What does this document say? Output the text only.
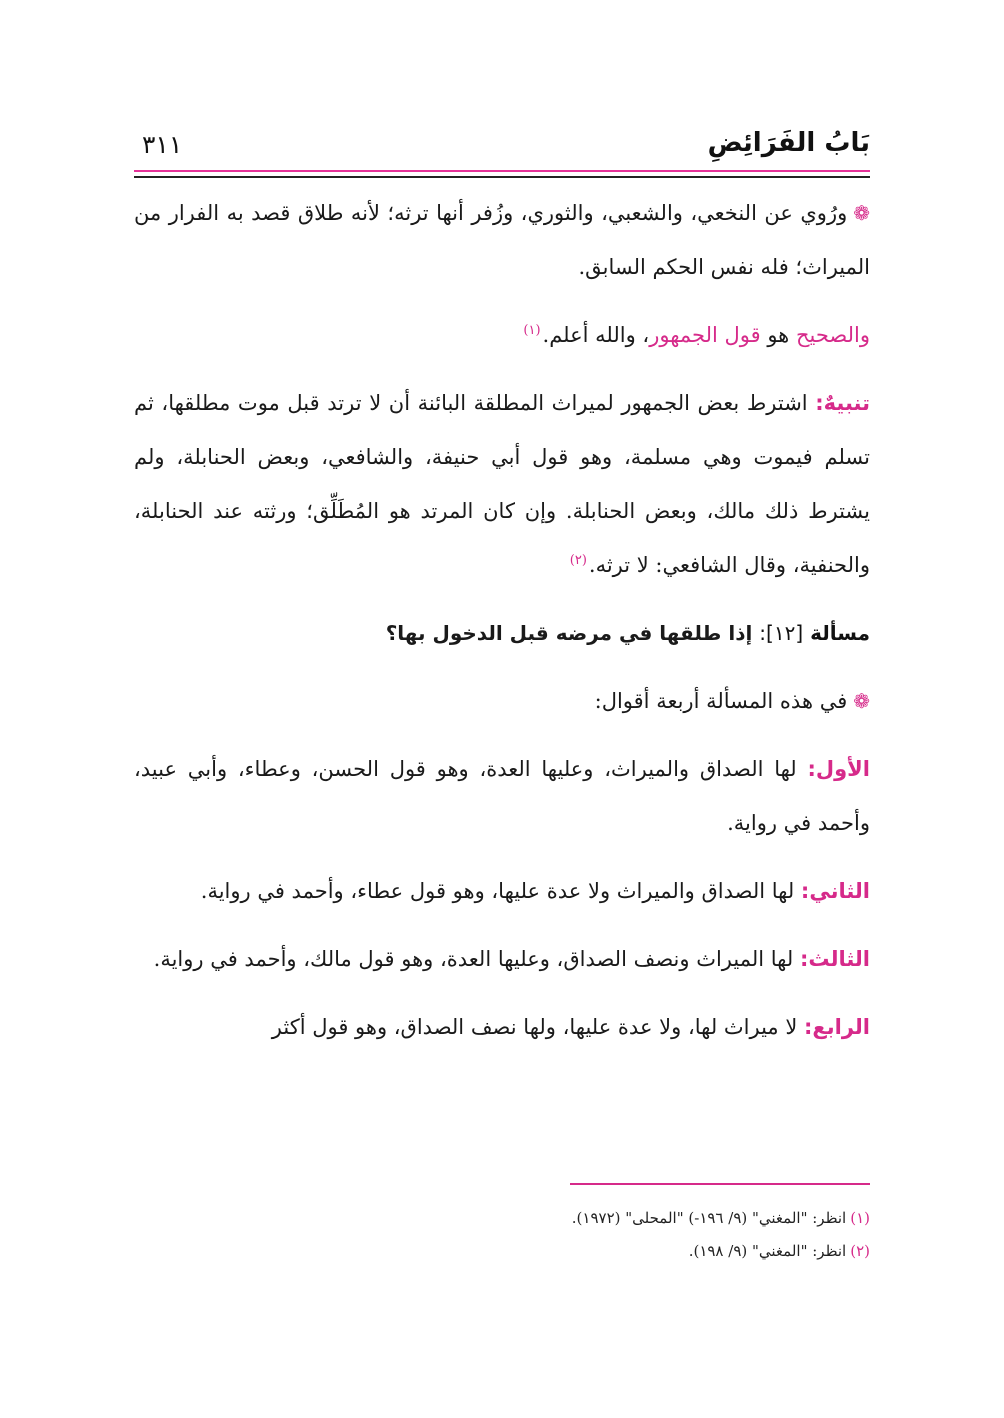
بَابُ الفَرَائِضِ
٣١١

❁ورُوي عن النخعي، والشعبي، والثوري، وزُفر أنها ترثه؛ لأنه طلاق قصد به الفرار من الميراث؛ فله نفس الحكم السابق.

والصحيح هو قول الجمهور، والله أعلم.$^{(١)}$

تنبيهٌ: اشترط بعض الجمهور لميراث المطلقة البائنة أن لا ترتد قبل موت مطلقها، ثم تسلم فيموت وهي مسلمة، وهو قول أبي حنيفة، والشافعي، وبعض الحنابلة، ولم يشترط ذلك مالك، وبعض الحنابلة. وإن كان المرتد هو المُطَلِّق؛ ورثته عند الحنابلة، والحنفية، وقال الشافعي: لا ترثه.$^{(٢)}$

مسألة [١٢]: إذا طلقها في مرضه قبل الدخول بها؟

❁في هذه المسألة أربعة أقوال:

الأول: لها الصداق والميراث، وعليها العدة، وهو قول الحسن، وعطاء، وأبي عبيد، وأحمد في رواية.

الثاني: لها الصداق والميراث ولا عدة عليها، وهو قول عطاء، وأحمد في رواية.

الثالث: لها الميراث ونصف الصداق، وعليها العدة، وهو قول مالك، وأحمد في رواية.

الرابع: لا ميراث لها، ولا عدة عليها، ولها نصف الصداق، وهو قول أكثر

(١)انظر: "المغني" (٩/ ١٩٦-) "المحلى" (١٩٧٢).

(٢)انظر: "المغني" (٩/ ١٩٨).
